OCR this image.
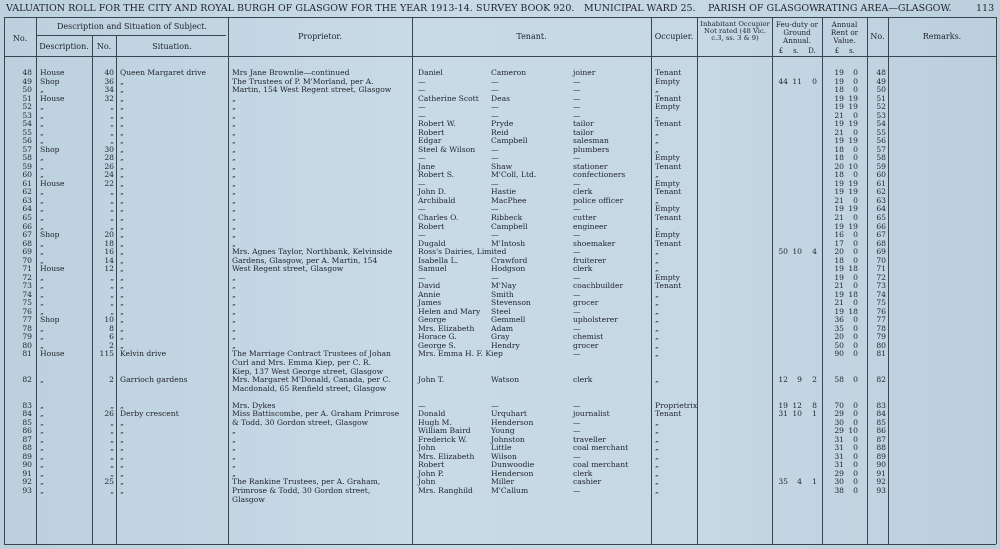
VALUATION ROLL FOR THE CITY AND ROYAL BURGH OF GLASGOW FOR THE YEAR 1913-14. SURVEY BOOK 920. MUNICIPAL WARD 25. PARISH OF GLASGOW.
RATING AREA—GLASGOW.	113
No.
Description and Situation of Subject.
Description.	No.	Situation.
Proprietor.	Tenant.	Occupier.
Inhabitant Occupier Not rated (48 Vic. c.3, ss. 3 & 9)
Feu-duty or Ground Annual.
Annual Rent or Value.	No.	Remarks.
£	s.	D.	£	s.
48 House	40 Queen Margaret drive	Mrs Jane Brownlie—continued	Daniel	Cameron	joiner	Tenant	19	0	48
49 Shop	36 „	The Trustees of P. M'Morland, per A.	—	—	—	Empty	44 11	0	19	0	49
50 „	34 „	Martin, 154 West Regent street, Glasgow	—	—	—	„	18	0	50
51 House	32 „	„	Catherine Scott	Deas	—	Tenant	19 19	51
52 „	„ „	„	—	—	—	Empty	19 19	52
53 „	„ „	„	—	—	—	„	21	0	53
54 „	„ „	„	Robert W.	Pryde	tailor	Tenant	19 19	54
55 „	„ „	„	Robert	Reid	tailor	„	21	0	55
56 „	„ „	„	Edgar	Campbell	salesman	„	19 19	56
57 Shop	30 „	„	Steel & Wilson	—	plumbers	„	18	0	57
58 „	28 „	„	—	—	—	Empty	18	0	58
59 „	26 „	„	Jane	Shaw	stationer	Tenant	20 10	59
60 „	24 „	„	Robert S.	M'Coll, Ltd.	confectioners	„	18	0	60
61 House	22 „	„	—	—	—	Empty	19 19	61
62 „	„ „	„	John D.	Hastie	clerk	Tenant	19 19	62
63 „	„ „	„	Archibald	MacPhee	police officer	„	21	0	63
64 „	„ „	„	—	—	—	Empty	19 19	64
65 „	„ „	„	Charles O.	Ribbeck	cutter	Tenant	21	0	65
66 „	„ „	„	Robert	Campbell	engineer	„	19 19	66
67 Shop	20 „	„	—	—	—	Empty	16	0	67
68 „	18 „	„	Dugald	M'Intosh	shoemaker	Tenant	17	0	68
69 „	16 „	Mrs. Agnes Taylor, Northbank, Kelvinside	Ross's Dairies, Limited	—	„	50 10	4	20	0	69
70 „	14 „	Gardens, Glasgow, per A. Martin, 154	Isabella L.	Crawford	fruiterer	„	18	0	70
71 House	12 „	West Regent street, Glasgow	Samuel	Hodgson	clerk	„	19 18	71
72 „	„ „	„	—	—	—	Empty	19	0	72
73 „	„ „	„	David	M'Nay	coachbuilder	Tenant	21	0	73
74 „	„ „	„	Annie	Smith	—	„	19 18	74
75 „	„ „	„	James	Stevenson	grocer	„	21	0	75
76 „	„ „	„	Helen and Mary	Steel	—	„	19 18	76
77 Shop	10 „	„	George	Gemmell	upholsterer	„	36	0	77
78 „	8 „	„	Mrs. Elizabeth	Adam	—	„	35	0	78
79 „	6 „	„	Horace G.	Gray	chemist	„	20	0	79
80 „	2 „	„	George S.	Hendry	grocer	„	50	0	80
81 House	115 Kelvin drive	The Marriage Contract Trustees of Johan	Mrs. Emma H. F. Kiep	—	„	90	0	81
Curl and Mrs. Emma Kiep, per C. R.
Kiep, 137 West George street, Glasgow
82 „	2 Garrioch gardens	Mrs. Margaret M'Donald, Canada, per C.	John T.	Watson	clerk	„	12	9	2	58	0	82
Macdonald, 65 Renfield street, Glasgow
83 „	„ „	Mrs. Dykes	—	—	—	Proprietrix	19 12	8	70	0	83
84 „	26 Derby crescent	Miss Battiscombe, per A. Graham Primrose	Donald	Urquhart	journalist	Tenant	31 10	1	29	0	84
85 „	„ „	& Todd, 30 Gordon street, Glasgow	Hugh M.	Henderson	—	„	30	0	85
86 „	„ „	„	William Baird	Young	—	„	29 10	86
87 „	„ „	„	Frederick W.	Johnston	traveller	„	31	0	87
88 „	„ „	„	John	Little	coal merchant	„	31	0	88
89 „	„ „	„	Mrs. Elizabeth	Wilson	—	„	31	0	89
90 „	„ „	„	Robert	Dunwoodie	coal merchant	„	31	0	90
91 „	„ „	„	John P.	Henderson	clerk	„	29	0	91
92 „	25 „	The Rankine Trustees, per A. Graham,	John	Miller	cashier	„	35	4	1	30	0	92
93 „	„ „	Primrose & Todd, 30 Gordon street,	Mrs. Ranghild	M'Callum	—	„	38	0	93
Glasgow
